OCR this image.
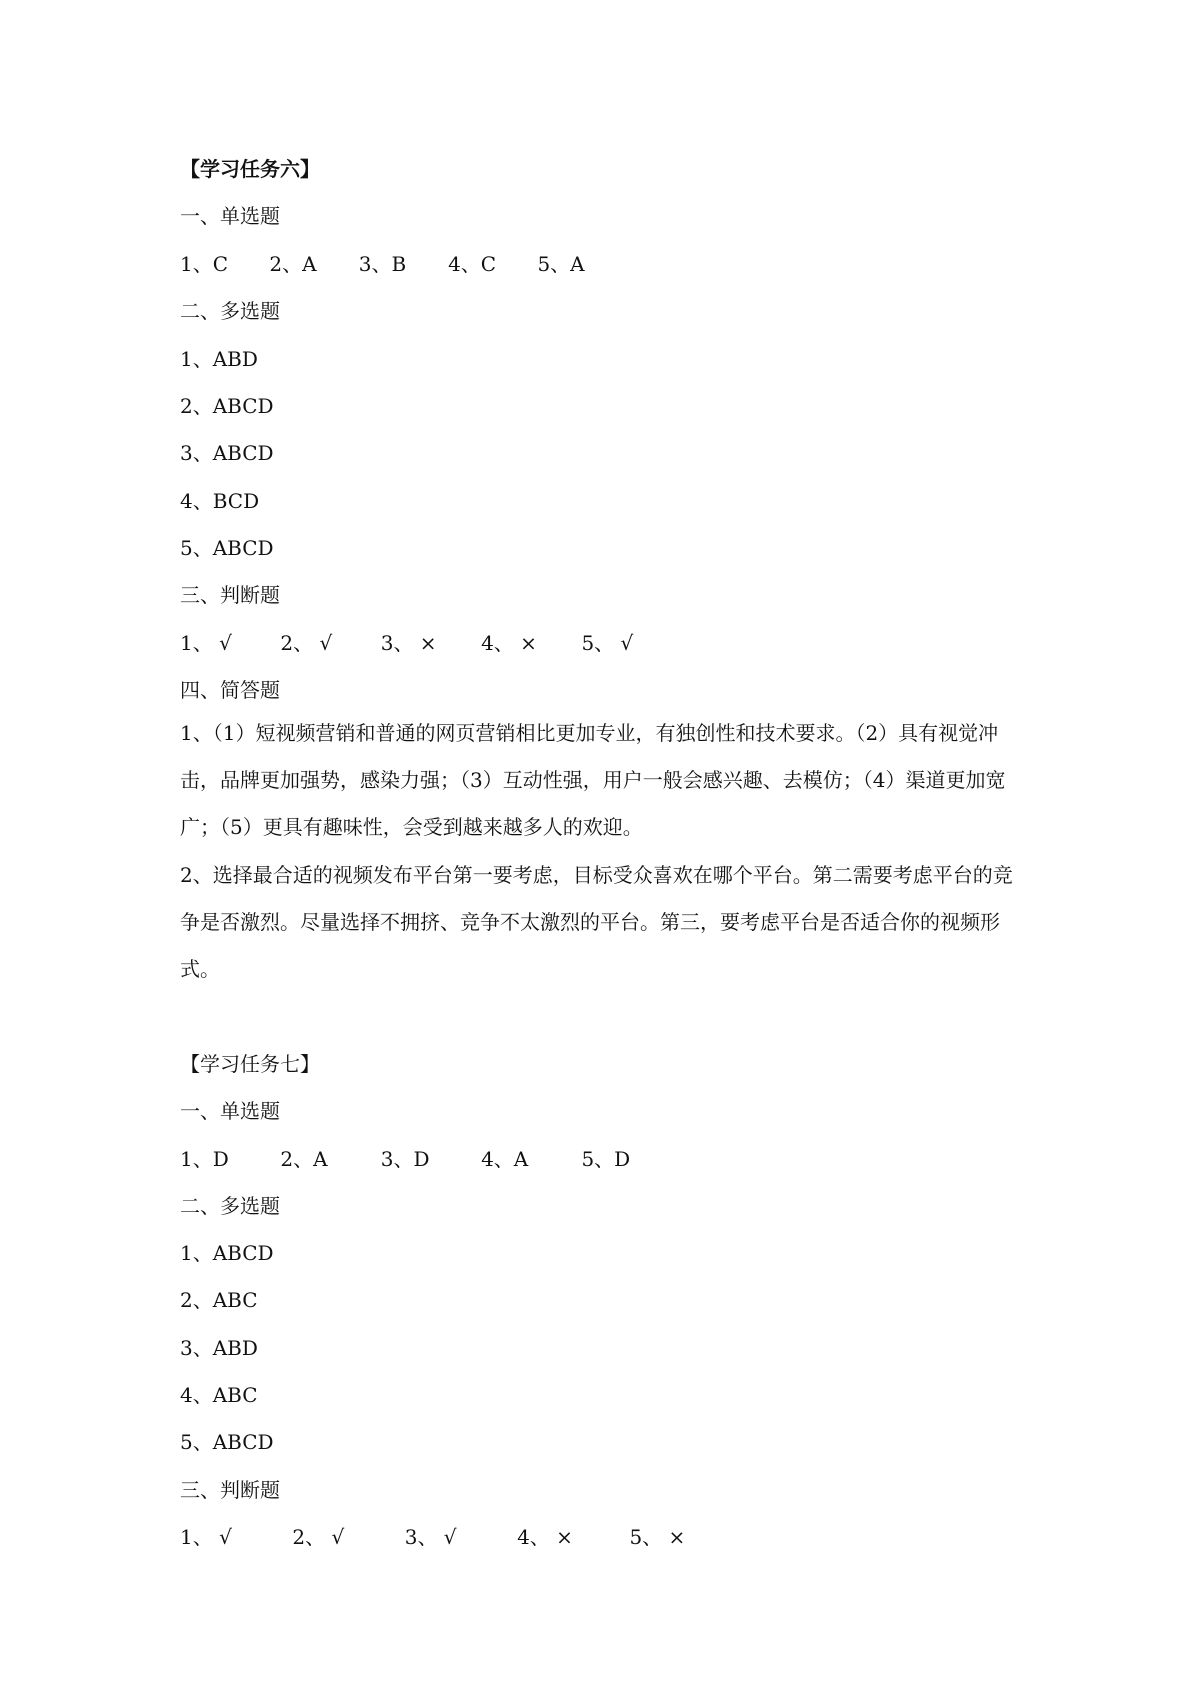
【学习任务六】
一、单选题
1、C 2、A 3、B 4、C 5、A
二、多选题
1、ABD
2、ABCD
3、ABCD
4、BCD
5、ABCD
三、判断题
1、 √ 2、 √ 3、 × 4、 × 5、 √
四、简答题
1、（1）短视频营销和普通的网页营销相比更加专业，有独创性和技术要求。（2）具有视觉冲击，品牌更加强势，感染力强；（3）互动性强，用户一般会感兴趣、去模仿；（4）渠道更加宽广；（5）更具有趣味性，会受到越来越多人的欢迎。
2、选择最合适的视频发布平台第一要考虑，目标受众喜欢在哪个平台。第二需要考虑平台的竞争是否激烈。尽量选择不拥挤、竞争不太激烈的平台。第三，要考虑平台是否适合你的视频形式。
【学习任务七】
一、单选题
1、D	2、A	3、D	4、A	5、D
二、多选题
1、ABCD
2、ABC
3、ABD
4、ABC
5、ABCD
三、判断题
1、 √	2、 √	3、 √	4、 ×	5、 ×
